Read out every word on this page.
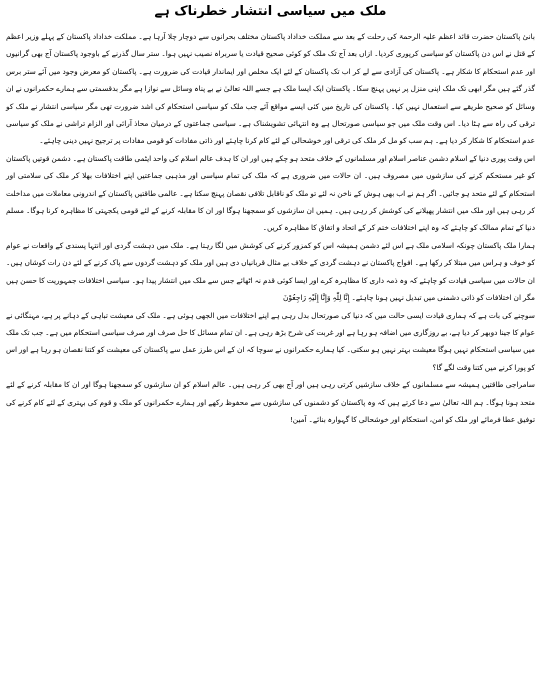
ملک میں سیاسی انتشار خطرناک ہے

بانیٔ پاکستان حضرت قائد اعظم علیہ الرحمۃ کی رحلت کے بعد سے مملکت خداداد پاکستان مختلف بحرانوں سے دوچار چلا آرہا ہے۔ مملکت خداداد پاکستان کے پہلے وزیر اعظم کے قتل نے اس دن پاکستان کو سیاسی کرپوری کردیا۔ ازاں بعد آج تک ملک کو کوئی صحیح قیادت یا سربراہ نصیب نہیں ہوا۔ ستر سال گذرنے کے باوجود پاکستان آج بھی گرانیوں اور عدم استحکام کا شکار ہے۔ پاکستان کی آزادی سے لے کر اب تک پاکستان کے لئے ایک مخلص اور ایماندار قیادت کی ضرورت ہے۔ پاکستان کو معرض وجود میں آئے ستر برس گذر گئے ہیں مگر ابھی تک ملک اپنی منزل پر نہیں پہنچ سکا۔ پاکستان ایک ایسا ملک ہے جسے اللہ تعالیٰ نے بے پناہ وسائل سے نوازا ہے مگر بدقسمتی سے ہمارے حکمرانوں نے ان وسائل کو صحیح طریقے سے استعمال نہیں کیا۔ پاکستان کی تاریخ میں کئی ایسے مواقع آئے جب ملک کو سیاسی استحکام کی اشد ضرورت تھی مگر سیاسی انتشار نے ملک کو ترقی کی راہ سے ہٹا دیا۔ اس وقت ملک میں جو سیاسی صورتحال ہے وہ انتہائی تشویشناک ہے۔ سیاسی جماعتوں کے درمیان محاذ آرائی اور الزام تراشی نے ملک کو سیاسی عدم استحکام کا شکار کر دیا ہے۔ ہم سب کو مل کر ملک کی ترقی اور خوشحالی کے لئے کام کرنا چاہئے اور ذاتی مفادات کو قومی مفادات پر ترجیح نہیں دینی چاہئے۔

اس وقت پوری دنیا کے اسلام دشمن عناصر اسلام اور مسلمانوں کے خلاف متحد ہو چکے ہیں اور ان کا ہدف عالم اسلام کی واحد ایٹمی طاقت پاکستان ہے۔ دشمن قوتیں پاکستان کو غیر مستحکم کرنے کی سازشوں میں مصروف ہیں۔ ان حالات میں ضروری ہے کہ ملک کی تمام سیاسی اور مذہبی جماعتیں اپنے اختلافات بھلا کر ملک کی سلامتی اور استحکام کے لئے متحد ہو جائیں۔ اگر ہم نے اب بھی ہوش کے ناخن نہ لئے تو ملک کو ناقابل تلافی نقصان پہنچ سکتا ہے۔ عالمی طاقتیں پاکستان کے اندرونی معاملات میں مداخلت کر رہی ہیں اور ملک میں انتشار پھیلانے کی کوشش کر رہی ہیں۔ ہمیں ان سازشوں کو سمجھنا ہوگا اور ان کا مقابلہ کرنے کے لئے قومی یکجہتی کا مظاہرہ کرنا ہوگا۔ مسلم دنیا کے تمام ممالک کو چاہئے کہ وہ اپنے اختلافات ختم کر کے اتحاد و اتفاق کا مظاہرہ کریں۔

ہمارا ملک پاکستان چونکہ اسلامی ملک ہے اس لئے دشمن ہمیشہ اس کو کمزور کرنے کی کوشش میں لگا رہتا ہے۔ ملک میں دہشت گردی اور انتہا پسندی کے واقعات نے عوام کو خوف و ہراس میں مبتلا کر رکھا ہے۔ افواج پاکستان نے دہشت گردی کے خلاف بے مثال قربانیاں دی ہیں اور ملک کو دہشت گردوں سے پاک کرنے کے لئے دن رات کوشاں ہیں۔ ان حالات میں سیاسی قیادت کو چاہئے کہ وہ ذمہ داری کا مظاہرہ کرے اور ایسا کوئی قدم نہ اٹھائے جس سے ملک میں انتشار پیدا ہو۔ سیاسی اختلافات جمہوریت کا حسن ہیں مگر ان اختلافات کو ذاتی دشمنی میں تبدیل نہیں ہونا چاہئے۔ إِنَّا لِلّٰہِ وَإِنَّا إِلَیْہِ رَاجِعُوْنَ

سوچنے کی بات ہے کہ ہماری قیادت ایسی حالت میں کہ دنیا کی صورتحال بدل رہی ہے اپنے اختلافات میں الجھی ہوئی ہے۔ ملک کی معیشت تباہی کے دہانے پر ہے، مہنگائی نے عوام کا جینا دوبھر کر دیا ہے، بے روزگاری میں اضافہ ہو رہا ہے اور غربت کی شرح بڑھ رہی ہے۔ ان تمام مسائل کا حل صرف اور صرف سیاسی استحکام میں ہے۔ جب تک ملک میں سیاسی استحکام نہیں ہوگا معیشت بہتر نہیں ہو سکتی۔ کیا ہمارے حکمرانوں نے سوچا کہ ان کے اس طرز عمل سے پاکستان کی معیشت کو کتنا نقصان ہو رہا ہے اور اس کو پورا کرنے میں کتنا وقت لگے گا؟

سامراجی طاقتیں ہمیشہ سے مسلمانوں کے خلاف سازشیں کرتی رہی ہیں اور آج بھی کر رہی ہیں۔ عالم اسلام کو ان سازشوں کو سمجھنا ہوگا اور ان کا مقابلہ کرنے کے لئے متحد ہونا ہوگا۔ ہم اللہ تعالیٰ سے دعا کرتے ہیں کہ وہ پاکستان کو دشمنوں کی سازشوں سے محفوظ رکھے اور ہمارے حکمرانوں کو ملک و قوم کی بہتری کے لئے کام کرنے کی توفیق عطا فرمائے اور ملک کو امن، استحکام اور خوشحالی کا گہوارہ بنائے۔ آمین!
